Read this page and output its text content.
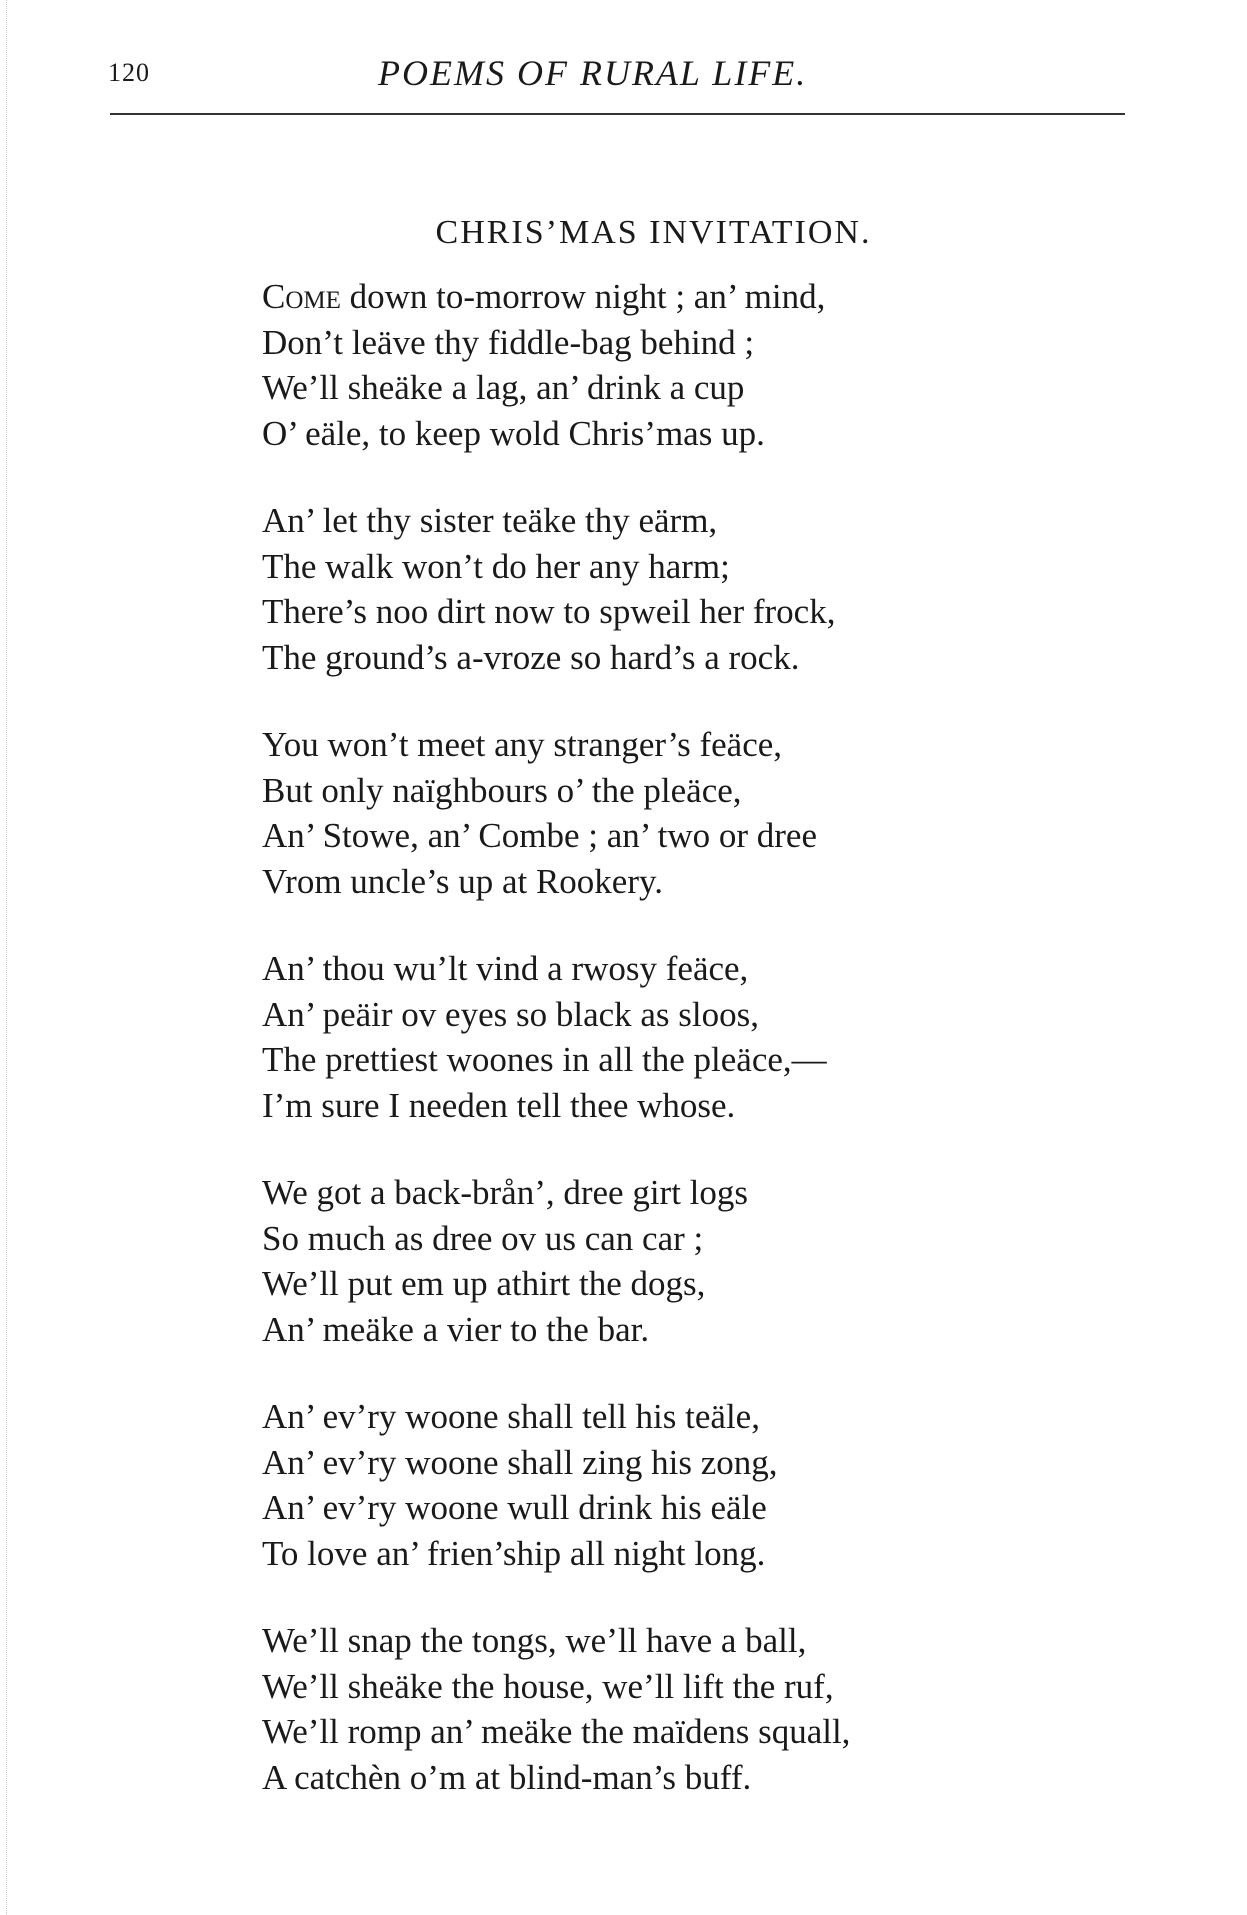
120	POEMS OF RURAL LIFE.
CHRIS’MAS INVITATION.
Come down to-morrow night ; an’ mind,
Don’t leäve thy fiddle-bag behind ;
We’ll sheäke a lag, an’ drink a cup
O’ eäle, to keep wold Chris’mas up.
An’ let thy sister teäke thy eärm,
The walk won’t do her any harm;
There’s noo dirt now to spweil her frock,
The ground’s a-vroze so hard’s a rock.
You won’t meet any stranger’s feäce,
But only naïghbours o’ the pleäce,
An’ Stowe, an’ Combe ; an’ two or dree
Vrom uncle’s up at Rookery.
An’ thou wu’lt vind a rwosy feäce,
An’ peäir ov eyes so black as sloos,
The prettiest woones in all the pleäce,—
I’m sure I needen tell thee whose.
We got a back-brån’, dree girt logs
So much as dree ov us can car ;
We’ll put em up athirt the dogs,
An’ meäke a vier to the bar.
An’ ev’ry woone shall tell his teäle,
An’ ev’ry woone shall zing his zong,
An’ ev’ry woone wull drink his eäle
To love an’ frien’ship all night long.
We’ll snap the tongs, we’ll have a ball,
We’ll sheäke the house, we’ll lift the ruf,
We’ll romp an’ meäke the maïdens squall,
A catchèn o’m at blind-man’s buff.
